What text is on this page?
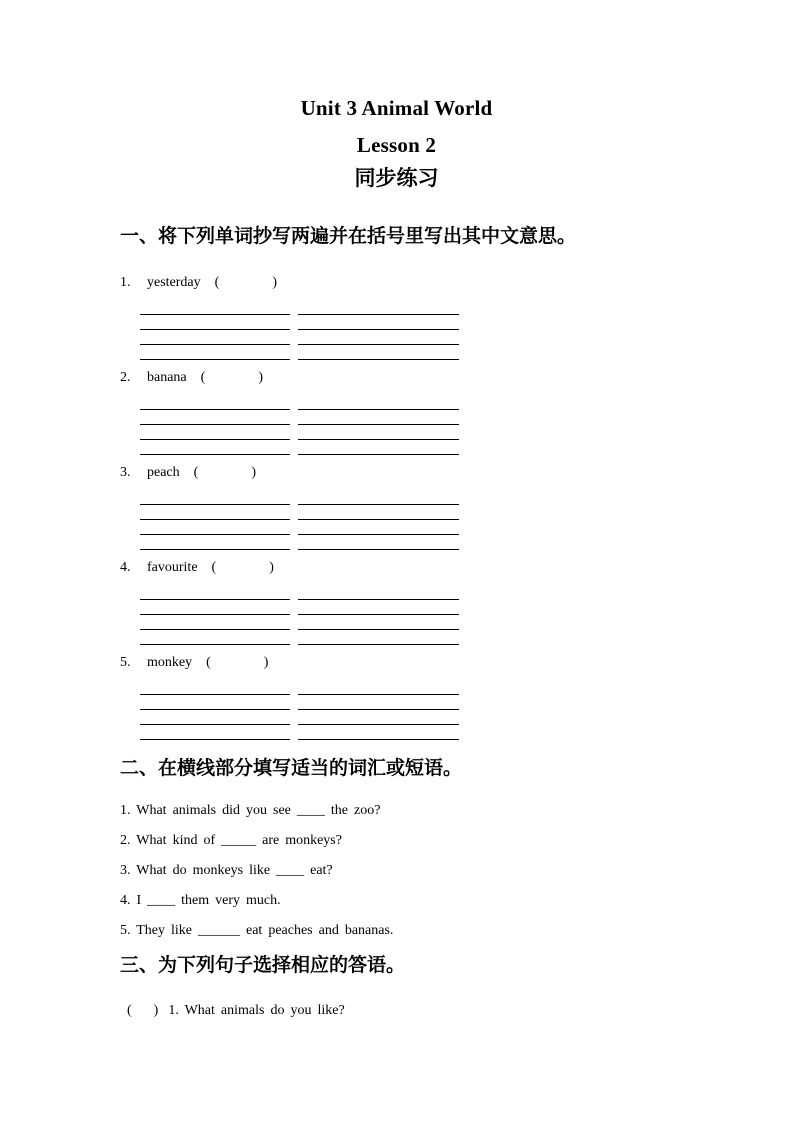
Unit 3 Animal World
Lesson 2
同步练习
一、将下列单词抄写两遍并在括号里写出其中文意思。
1. yesterday (	)
2. banana (	)
3. peach (	)
4. favourite (	)
5. monkey (	)
二、在横线部分填写适当的词汇或短语。
1. What animals did you see ____ the zoo?
2. What kind of _____ are monkeys?
3. What do monkeys like ____ eat?
4. I ____ them very much.
5. They like ______ eat peaches and bananas.
三、为下列句子选择相应的答语。
( ) 1. What animals do you like?
